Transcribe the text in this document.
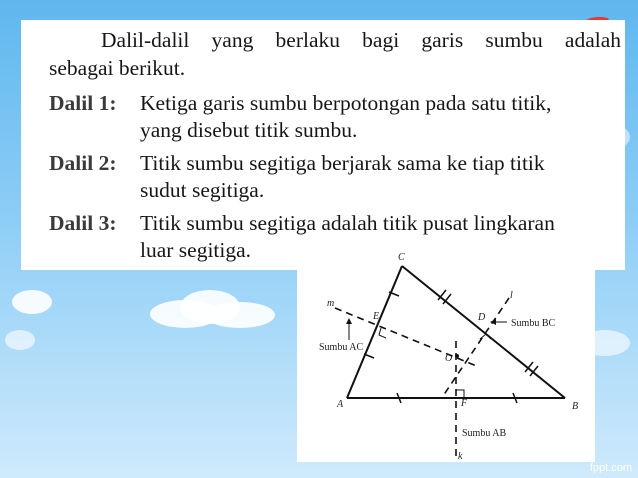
Dalil-dalil yang berlaku bagi garis sumbu adalah
sebagai berikut.
Dalil 1: Ketiga garis sumbu berpotongan pada satu titik,
yang disebut titik sumbu.
Dalil 2: Titik sumbu segitiga berjarak sama ke tiap titik
sudut segitiga.
Dalil 3: Titik sumbu segitiga adalah titik pusat lingkaran
luar segitiga.	C
A	B
D
E
F
O
l
m
k
Sumbu BC
Sumbu AC
Sumbu AB
fppt.com
